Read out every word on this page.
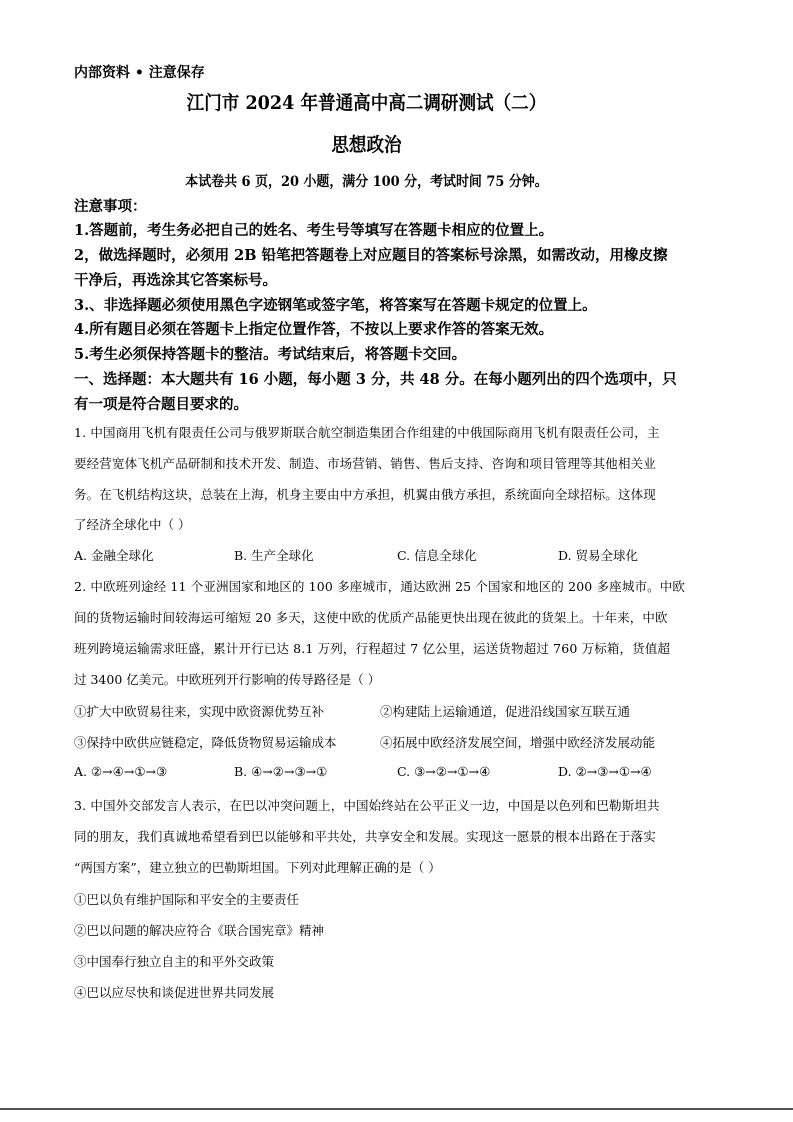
内部资料 • 注意保存
江门市 2024 年普通高中高二调研测试（二）
思想政治
本试卷共 6 页，20 小题，满分 100 分，考试时间 75 分钟。
注意事项：
1.答题前，考生务必把自己的姓名、考生号等填写在答题卡相应的位置上。
2，做选择题时，必须用 2B 铅笔把答题卷上对应题目的答案标号涂黑，如需改动，用橡皮擦
干净后，再选涂其它答案标号。
3.、非选择题必须使用黑色字迹钢笔或签字笔，将答案写在答题卡规定的位置上。
4.所有题目必须在答题卡上指定位置作答，不按以上要求作答的答案无效。
5.考生必须保持答题卡的整洁。考试结束后，将答题卡交回。
一、选择题：本大题共有 16 小题，每小题 3 分，共 48 分。在每小题列出的四个选项中，只
有一项是符合题目要求的。
1. 中国商用飞机有限责任公司与俄罗斯联合航空制造集团合作组建的中俄国际商用飞机有限责任公司，主
要经营宽体飞机产品研制和技术开发、制造、市场营销、销售、售后支持、咨询和项目管理等其他相关业
务。在飞机结构这块，总装在上海，机身主要由中方承担，机翼由俄方承担，系统面向全球招标。这体现
了经济全球化中（ ）
A. 金融全球化	B. 生产全球化	C. 信息全球化	D. 贸易全球化
2. 中欧班列途经 11 个亚洲国家和地区的 100 多座城市，通达欧洲 25 个国家和地区的 200 多座城市。中欧
间的货物运输时间较海运可缩短 20 多天，这使中欧的优质产品能更快出现在彼此的货架上。十年来，中欧
班列跨境运输需求旺盛，累计开行已达 8.1 万列，行程超过 7 亿公里，运送货物超过 760 万标箱，货值超
过 3400 亿美元。中欧班列开行影响的传导路径是（ ）
①扩大中欧贸易往来，实现中欧资源优势互补	②构建陆上运输通道，促进沿线国家互联互通
③保持中欧供应链稳定，降低货物贸易运输成本	④拓展中欧经济发展空间，增强中欧经济发展动能
A. ②→④→①→③	B. ④→②→③→①	C. ③→②→①→④	D. ②→③→①→④
3. 中国外交部发言人表示，在巴以冲突问题上，中国始终站在公平正义一边，中国是以色列和巴勒斯坦共
同的朋友，我们真诚地希望看到巴以能够和平共处，共享安全和发展。实现这一愿景的根本出路在于落实
“两国方案”，建立独立的巴勒斯坦国。下列对此理解正确的是（ ）
①巴以负有维护国际和平安全的主要责任
②巴以问题的解决应符合《联合国宪章》精神
③中国奉行独立自主的和平外交政策
④巴以应尽快和谈促进世界共同发展
